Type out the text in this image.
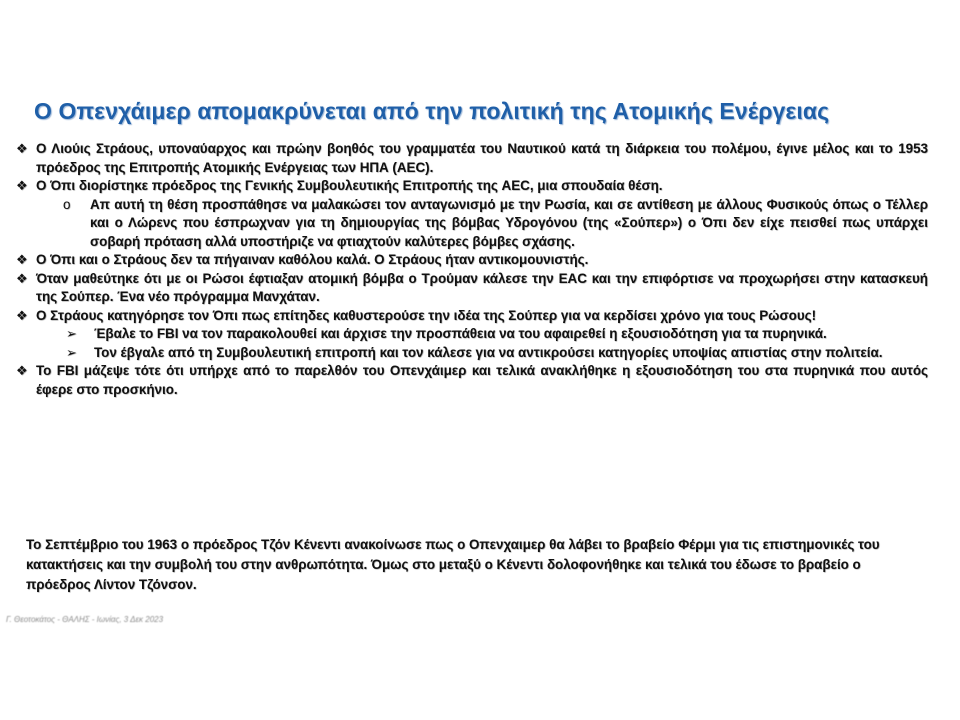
Ο Οπενχάιμερ απομακρύνεται από την πολιτική της Ατομικής Ενέργειας
❖ Ο Λιούις Στράους, υποναύαρχος και πρώην βοηθός του γραμματέα του Ναυτικού κατά τη διάρκεια του πολέμου, έγινε μέλος και το 1953 πρόεδρος της Επιτροπής Ατομικής Ενέργειας των ΗΠΑ (AEC).
❖ Ο Όπι διορίστηκε πρόεδρος της Γενικής Συμβουλευτικής Επιτροπής της AEC, μια σπουδαία θέση.
o Απ αυτή τη θέση προσπάθησε να μαλακώσει τον ανταγωνισμό με την Ρωσία, και σε αντίθεση με άλλους Φυσικούς όπως ο Τέλλερ και ο Λώρενς που έσπρωχναν για τη δημιουργίας της βόμβας Υδρογόνου (της «Σούπερ») ο Όπι δεν είχε πεισθεί πως υπάρχει σοβαρή πρόταση αλλά υποστήριζε να φτιαχτούν καλύτερες βόμβες σχάσης.
❖ Ο Όπι και ο Στράους δεν τα πήγαιναν καθόλου καλά. Ο Στράους ήταν αντικομουνιστής.
❖ Όταν μαθεύτηκε ότι με οι Ρώσοι έφτιαξαν ατομική βόμβα ο Τρούμαν κάλεσε την ΕΑC και την επιφόρτισε να προχωρήσει στην κατασκευή της Σούπερ. Ένα νέο πρόγραμμα Μανχάταν.
❖ Ο Στράους κατηγόρησε τον Όπι πως επίτηδες καθυστερούσε την ιδέα της Σούπερ για να κερδίσει χρόνο για τους Ρώσους!
➢ Έβαλε το FBI να τον παρακολουθεί και άρχισε την προσπάθεια να του αφαιρεθεί η εξουσιοδότηση για τα πυρηνικά.
➢ Τον έβγαλε από τη Συμβουλευτική επιτροπή και τον κάλεσε για να αντικρούσει κατηγορίες υποψίας απιστίας στην πολιτεία.
❖ Το FBI μάζεψε τότε ότι υπήρχε από το παρελθόν του Οπενχάιμερ και τελικά ανακλήθηκε η εξουσιοδότηση του στα πυρηνικά που αυτός έφερε στο προσκήνιο.
Το Σεπτέμβριο του 1963 ο πρόεδρος Τζόν Κένεντι ανακοίνωσε πως ο Οπενχαιμερ θα λάβει το βραβείο Φέρμι για τις επιστημονικές του κατακτήσεις και την συμβολή του στην ανθρωπότητα. Όμως στο μεταξύ ο Κένεντι δολοφονήθηκε και τελικά του έδωσε το βραβείο ο πρόεδρος Λίντον Τζόνσον.
Γ. Θεοτοκάτος - ΘΑΛΗΣ - Ιωνίας, 3 Δεκ 2023
